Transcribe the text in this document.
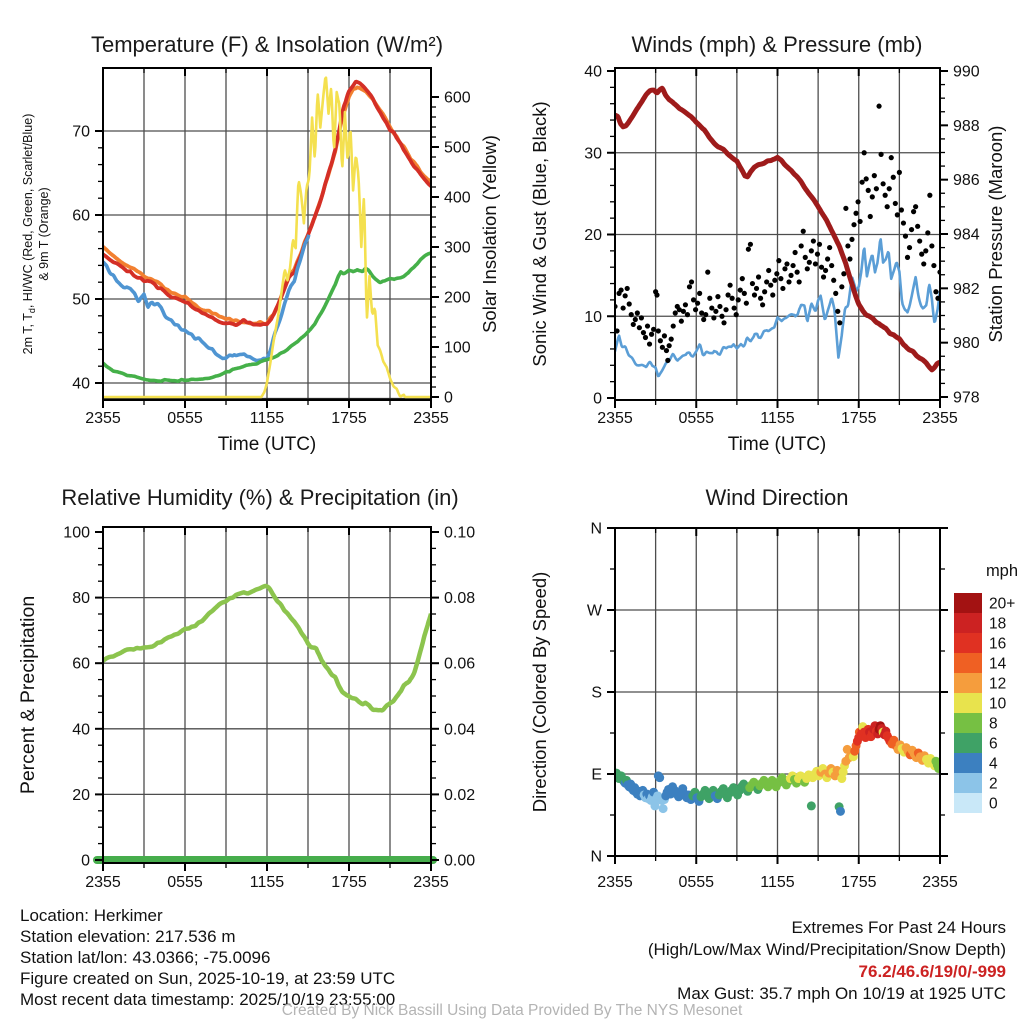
2355	0555	1155	1755	2355
40
50
60
70
0
100
200
300
400
500
600
Temperature (F) & Insolation (W/m²)
Time (UTC)
2m T, $T_d$, HI/WC (Red, Green, Scarlet/Blue) & 9m T (Orange)	Solar Insolation (Yellow)
2355	0555	1155	1755	2355
0
10
20
30
40
978
980
982
984
986
988
990
Winds (mph) & Pressure (mb)
Time (UTC)
Sonic Wind & Gust (Blue, Black)	Station Pressure (Maroon)
2355	0555	1155	1755	2355
0
20
40
60
80
100
0.00
0.02
0.04
0.06
0.08
0.10
Relative Humidity (%) & Precipitation (in)
Percent & Precipitation
2355	0555	1155	1755	2355
N
E
S
W
N
Wind Direction
Direction (Colored By Speed)
mph
20+
18
16
14
12
10
8
6
4
2
0
Location: Herkimer
Station elevation: 217.536 m
Station lat/lon: 43.0366; -75.0096
Figure created on Sun, 2025-10-19, at 23:59 UTC
Most recent data timestamp: 2025/10/19 23:55:00
Extremes For Past 24 Hours
(High/Low/Max Wind/Precipitation/Snow Depth)
76.2/46.6/19/0/-999
Max Gust: 35.7 mph On 10/19 at 1925 UTC
Created By Nick Bassill Using Data Provided By The NYS Mesonet
